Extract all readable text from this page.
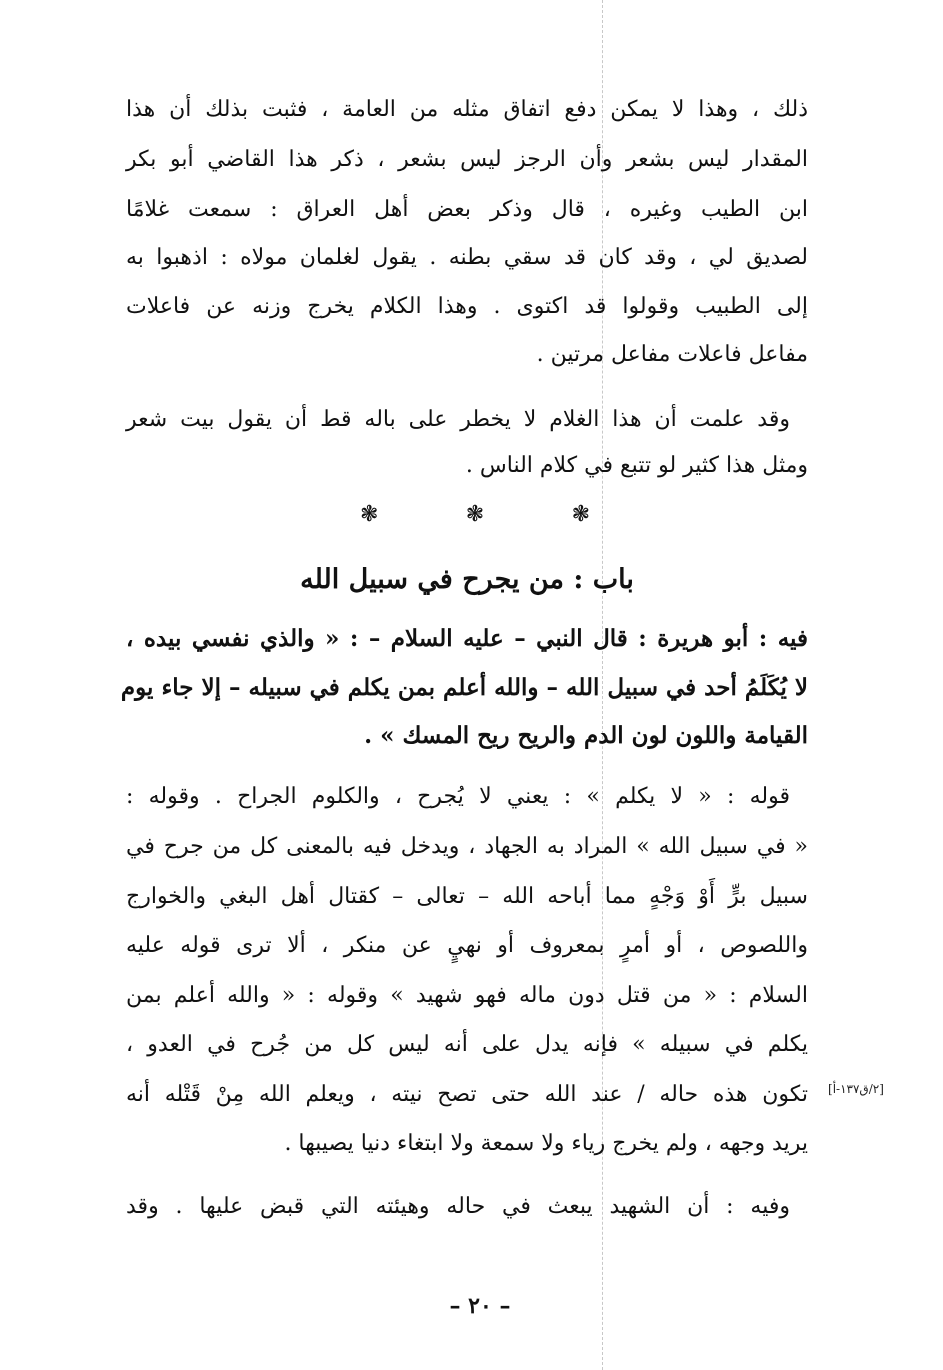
ذلك ، وهذا لا يمكن دفع اتفاق مثله من العامة ، فثبت بذلك أن هذا
المقدار ليس بشعر وأن الرجز ليس بشعر ، ذكر هذا القاضي أبو بكر
ابن الطيب وغيره ، قال وذكر بعض أهل العراق : سمعت غلامًا
لصديق لي ، وقد كان قد سقي بطنه . يقول لغلمان مولاه : اذهبوا به
إلى الطبيب وقولوا قد اكتوى . وهذا الكلام يخرج وزنه عن فاعلات
مفاعل فاعلات مفاعل مرتين .
وقد علمت أن هذا الغلام لا يخطر على باله قط أن يقول بيت شعر
ومثل هذا كثير لو تتبع في كلام الناس .
❃	❃	❃
باب : من يجرح في سبيل الله
فيه : أبو هريرة : قال النبي – عليه السلام – : « والذي نفسي بيده ،
لا يُكَلَمُ أحد في سبيل الله – والله أعلم بمن يكلم في سبيله – إلا جاء يوم
القيامة واللون لون الدم والريح ريح المسك » .
قوله : « لا يكلم » : يعني لا يُجرح ، والكلوم الجراح . وقوله :
« في سبيل الله » المراد به الجهاد ، ويدخل فيه بالمعنى كل من جرح في
سبيل برٍّ أَوْ وَجْهٍ مما أباحه الله – تعالى – كقتال أهل البغي والخوارج
واللصوص ، أو أمرٍ بمعروف أو نهيٍ عن منكر ، ألا ترى قوله عليه
السلام : « من قتل دون ماله فهو شهيد » وقوله : « والله أعلم بمن
يكلم في سبيله » فإنه يدل على أنه ليس كل من جُرح في العدو ،
تكون هذه حاله / عند الله حتى تصح نيته ، ويعلم الله مِنْ قَتْله أنه
يريد وجهه ، ولم يخرج رياء ولا سمعة ولا ابتغاء دنيا يصيبها .
[٢/ق١٣٧-أ]
وفيه : أن الشهيد يبعث في حاله وهيئته التي قبض عليها . وقد
– ٢٠ –
